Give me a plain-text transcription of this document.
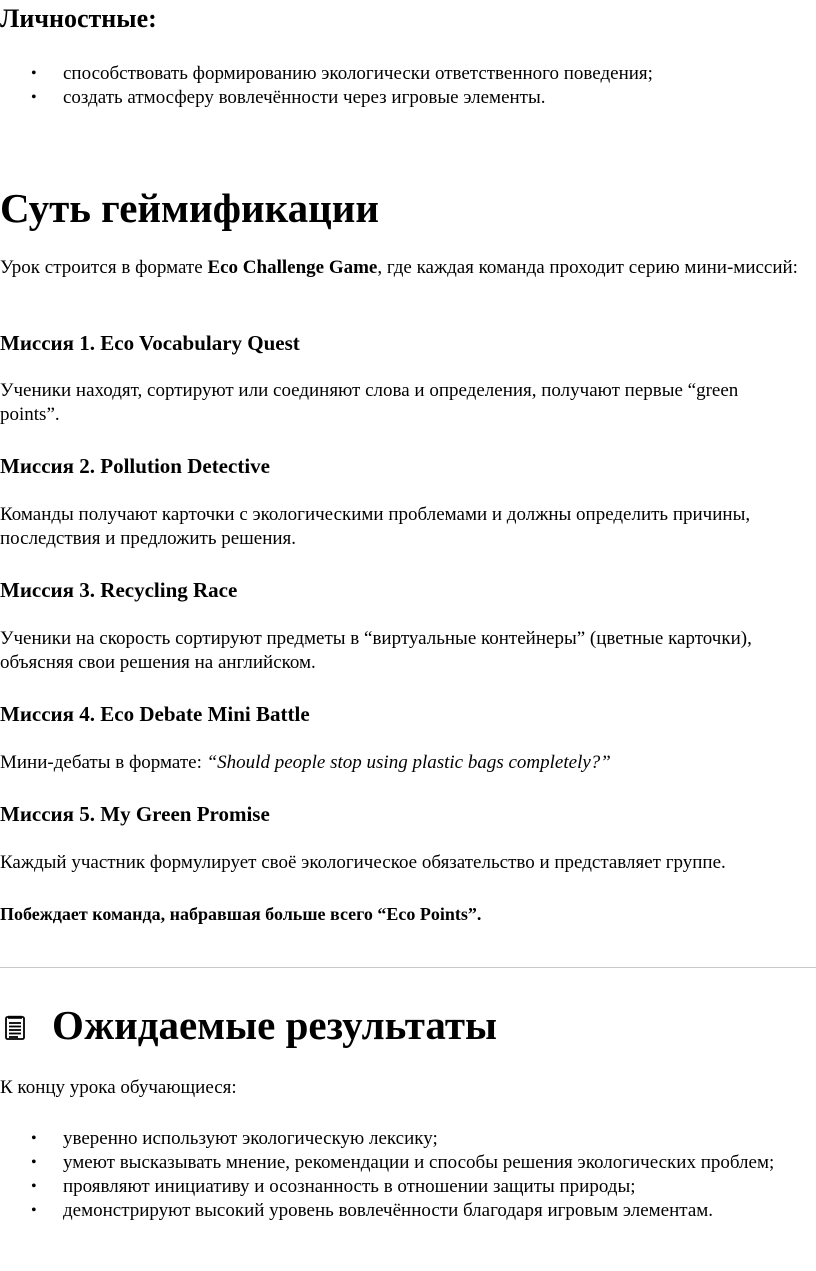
Личностные:
• способствовать формированию экологически ответственного поведения;
• создать атмосферу вовлечённости через игровые элементы.
Суть геймификации

Урок строится в формате Eco Challenge Game, где каждая команда проходит серию мини-миссий:

Миссия 1. Eco Vocabulary Quest

Ученики находят, сортируют или соединяют слова и определения, получают первые “green points”.

Миссия 2. Pollution Detective

Команды получают карточки с экологическими проблемами и должны определить причины, последствия и предложить решения.

Миссия 3. Recycling Race

Ученики на скорость сортируют предметы в “виртуальные контейнеры” (цветные карточки), объясняя свои решения на английском.

Миссия 4. Eco Debate Mini Battle

Мини-дебаты в формате: “Should people stop using plastic bags completely?”

Миссия 5. My Green Promise

Каждый участник формулирует своё экологическое обязательство и представляет группе.

Побеждает команда, набравшая больше всего “Eco Points”.

Ожидаемые результаты

К концу урока обучающиеся:

• уверенно используют экологическую лексику;
• умеют высказывать мнение, рекомендации и способы решения экологических проблем;
• проявляют инициативу и осознанность в отношении защиты природы;
• демонстрируют высокий уровень вовлечённости благодаря игровым элементам.
